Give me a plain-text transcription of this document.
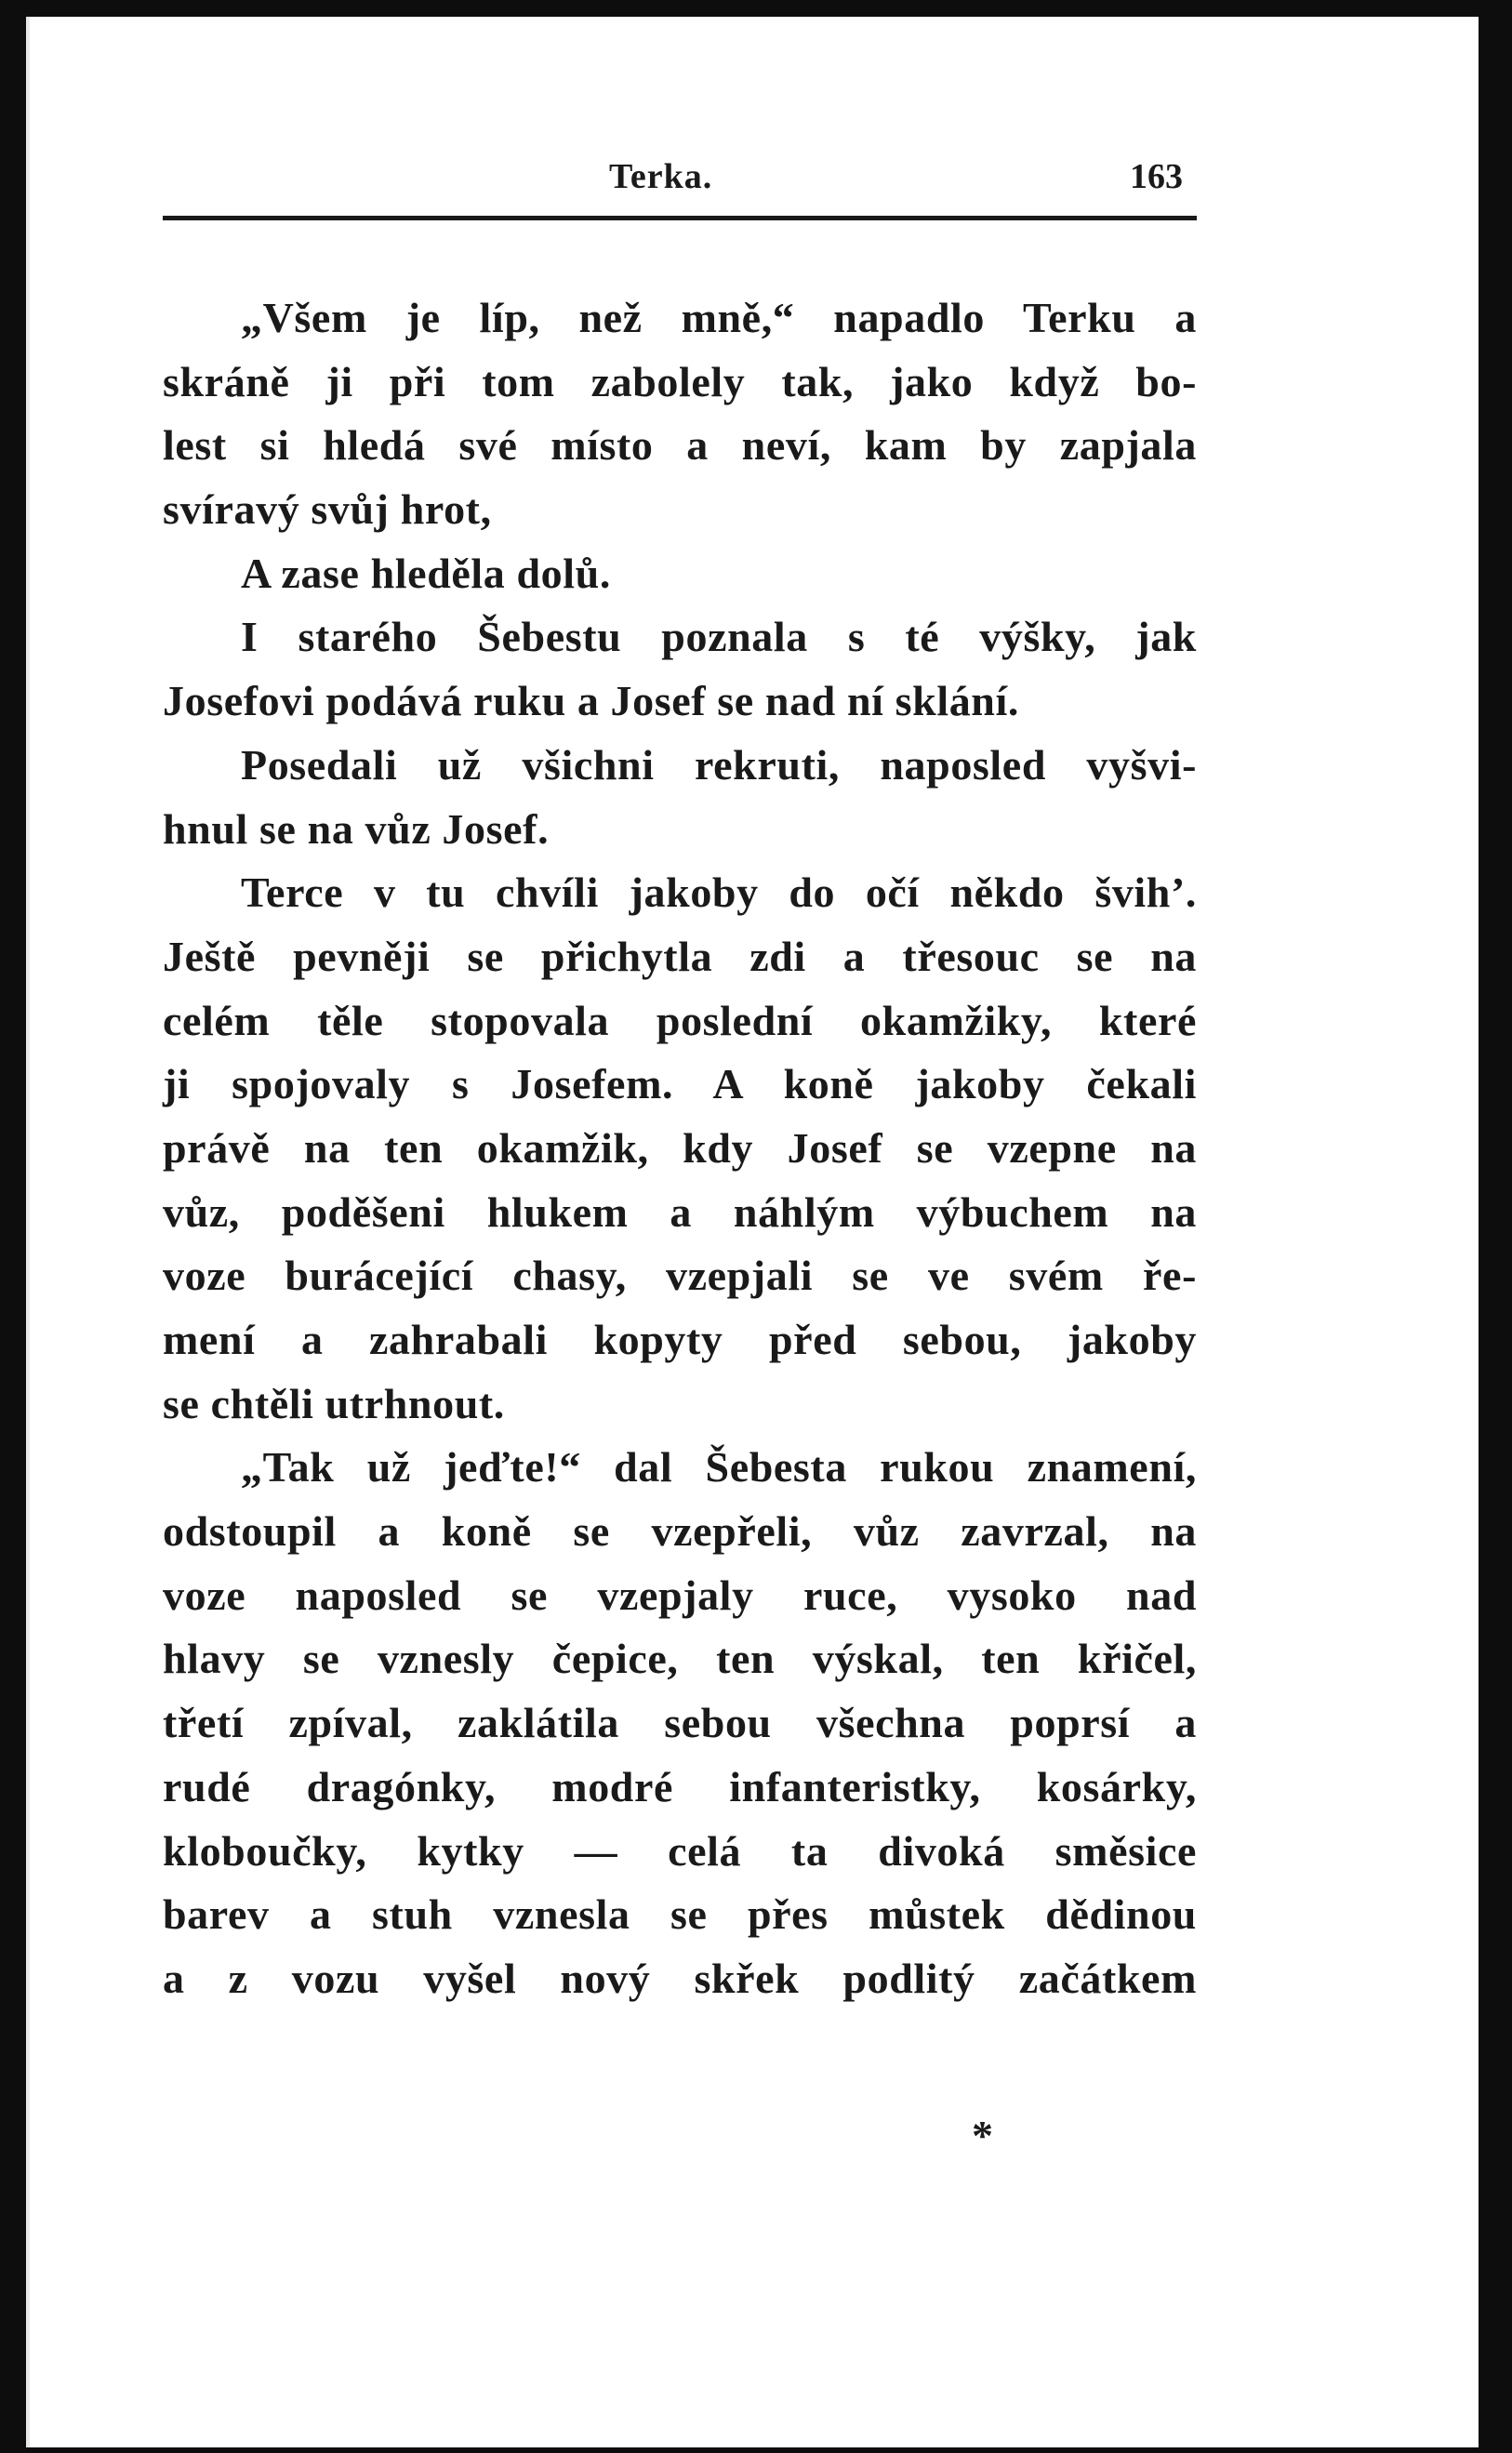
Terka.	163
„Všem je líp, než mně,“ napadlo Terku a
skráně ji při tom zabolely tak, jako když bo-
lest si hledá své místo a neví, kam by zapjala
svíravý svůj hrot,
A zase hleděla dolů.
I starého Šebestu poznala s té výšky, jak
Josefovi podává ruku a Josef se nad ní sklání.
Posedali už všichni rekruti, naposled vyšvi-
hnul se na vůz Josef.
Terce v tu chvíli jakoby do očí někdo švih’.
Ještě pevněji se přichytla zdi a třesouc se na
celém těle stopovala poslední okamžiky, které
ji spojovaly s Josefem. A koně jakoby čekali
právě na ten okamžik, kdy Josef se vzepne na
vůz, poděšeni hlukem a náhlým výbuchem na
voze burácející chasy, vzepjali se ve svém ře-
mení a zahrabali kopyty před sebou, jakoby
se chtěli utrhnout.
„Tak už jeďte!“ dal Šebesta rukou znamení,
odstoupil a koně se vzepřeli, vůz zavrzal, na
voze naposled se vzepjaly ruce, vysoko nad
hlavy se vznesly čepice, ten výskal, ten křičel,
třetí zpíval, zaklátila sebou všechna poprsí a
rudé dragónky, modré infanteristky, kosárky,
kloboučky, kytky — celá ta divoká směsice
barev a stuh vznesla se přes můstek dědinou
a z vozu vyšel nový skřek podlitý začátkem
*
